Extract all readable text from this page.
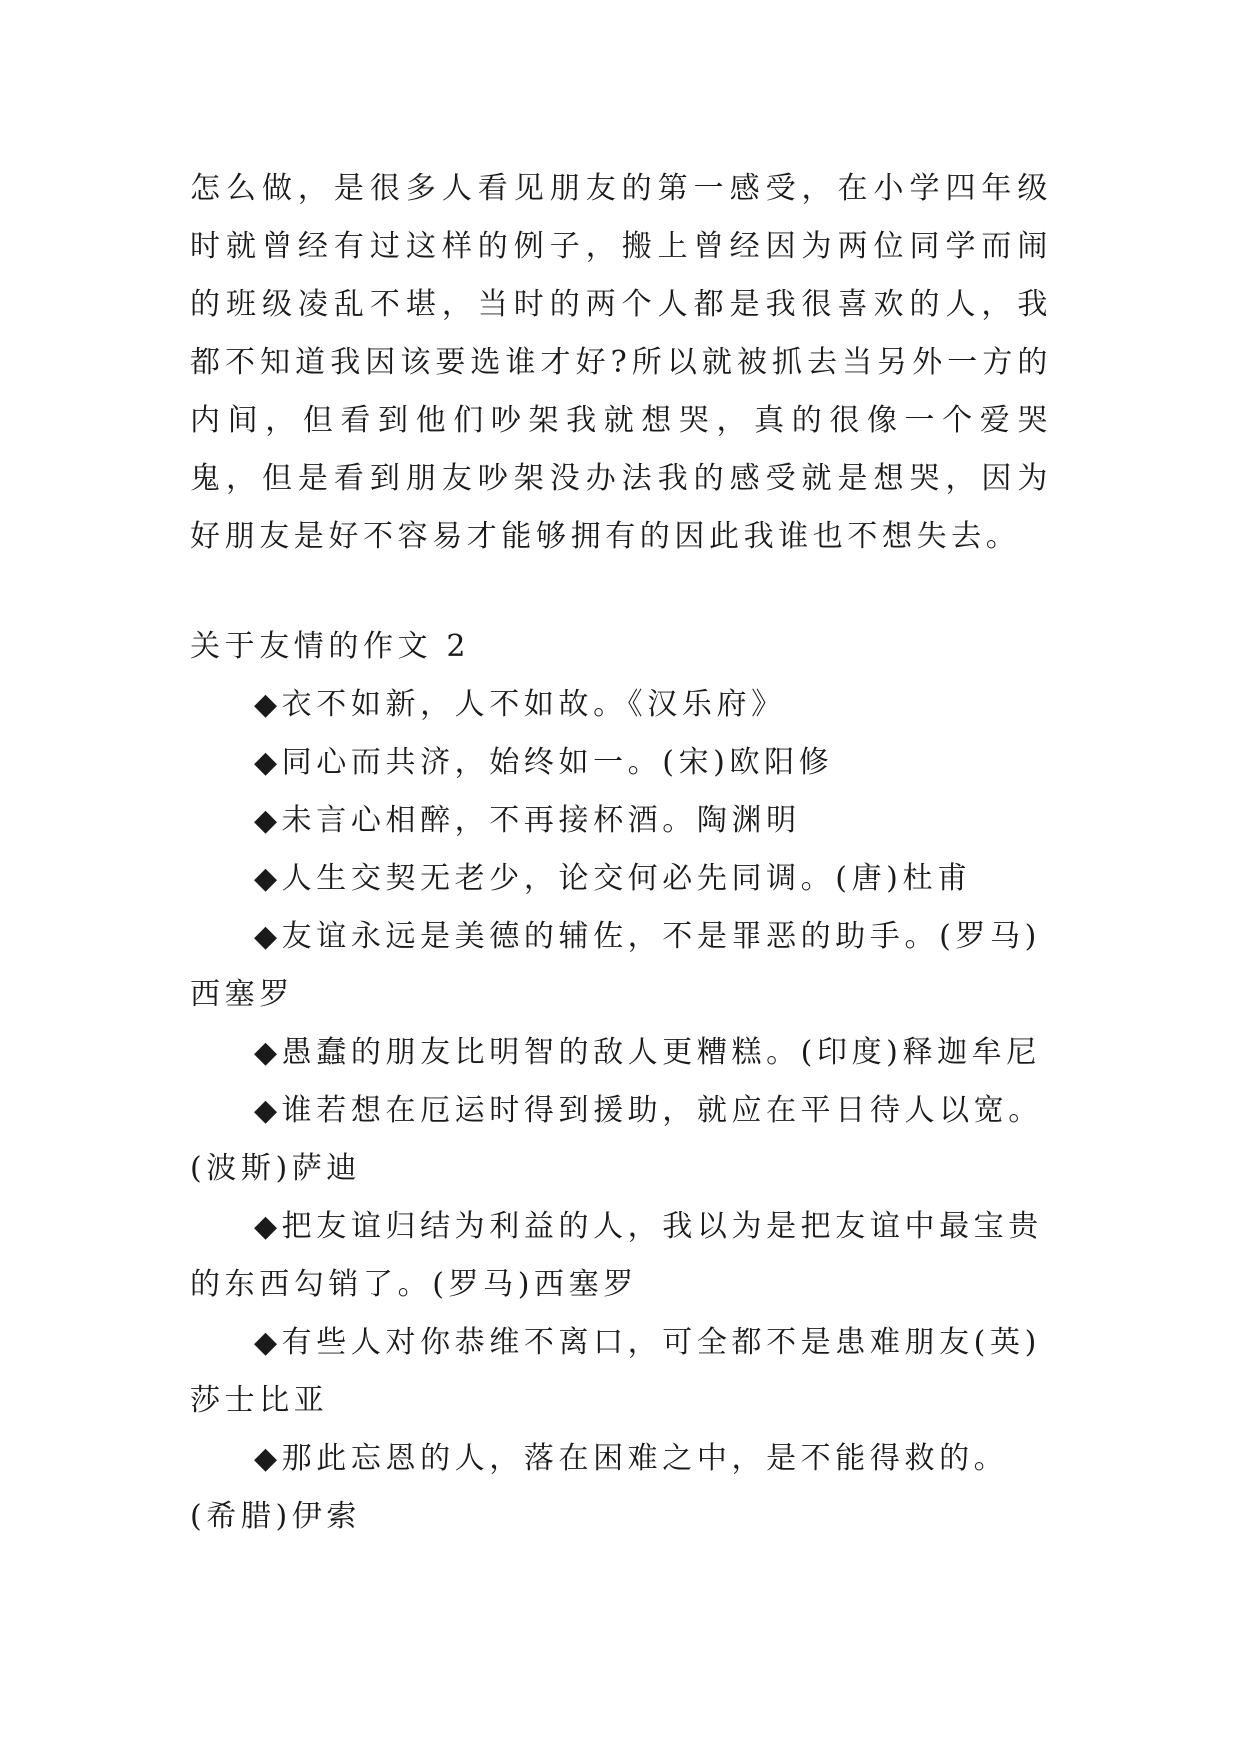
怎么做，是很多人看见朋友的第一感受，在小学四年级时就曾经有过这样的例子，搬上曾经因为两位同学而闹的班级凌乱不堪，当时的两个人都是我很喜欢的人，我都不知道我因该要选谁才好?所以就被抓去当另外一方的内间，但看到他们吵架我就想哭，真的很像一个爱哭鬼，但是看到朋友吵架没办法我的感受就是想哭，因为好朋友是好不容易才能够拥有的因此我谁也不想失去。

关于友情的作文 2

◆衣不如新，人不如故。《汉乐府》

◆同心而共济，始终如一。(宋)欧阳修

◆未言心相醉，不再接杯酒。陶渊明

◆人生交契无老少，论交何必先同调。(唐)杜甫

◆友谊永远是美德的辅佐，不是罪恶的助手。(罗马)西塞罗

◆愚蠢的朋友比明智的敌人更糟糕。(印度)释迦牟尼

◆谁若想在厄运时得到援助，就应在平日待人以宽。(波斯)萨迪

◆把友谊归结为利益的人，我以为是把友谊中最宝贵的东西勾销了。(罗马)西塞罗

◆有些人对你恭维不离口，可全都不是患难朋友(英)莎士比亚

◆那此忘恩的人，落在困难之中，是不能得救的。(希腊)伊索
